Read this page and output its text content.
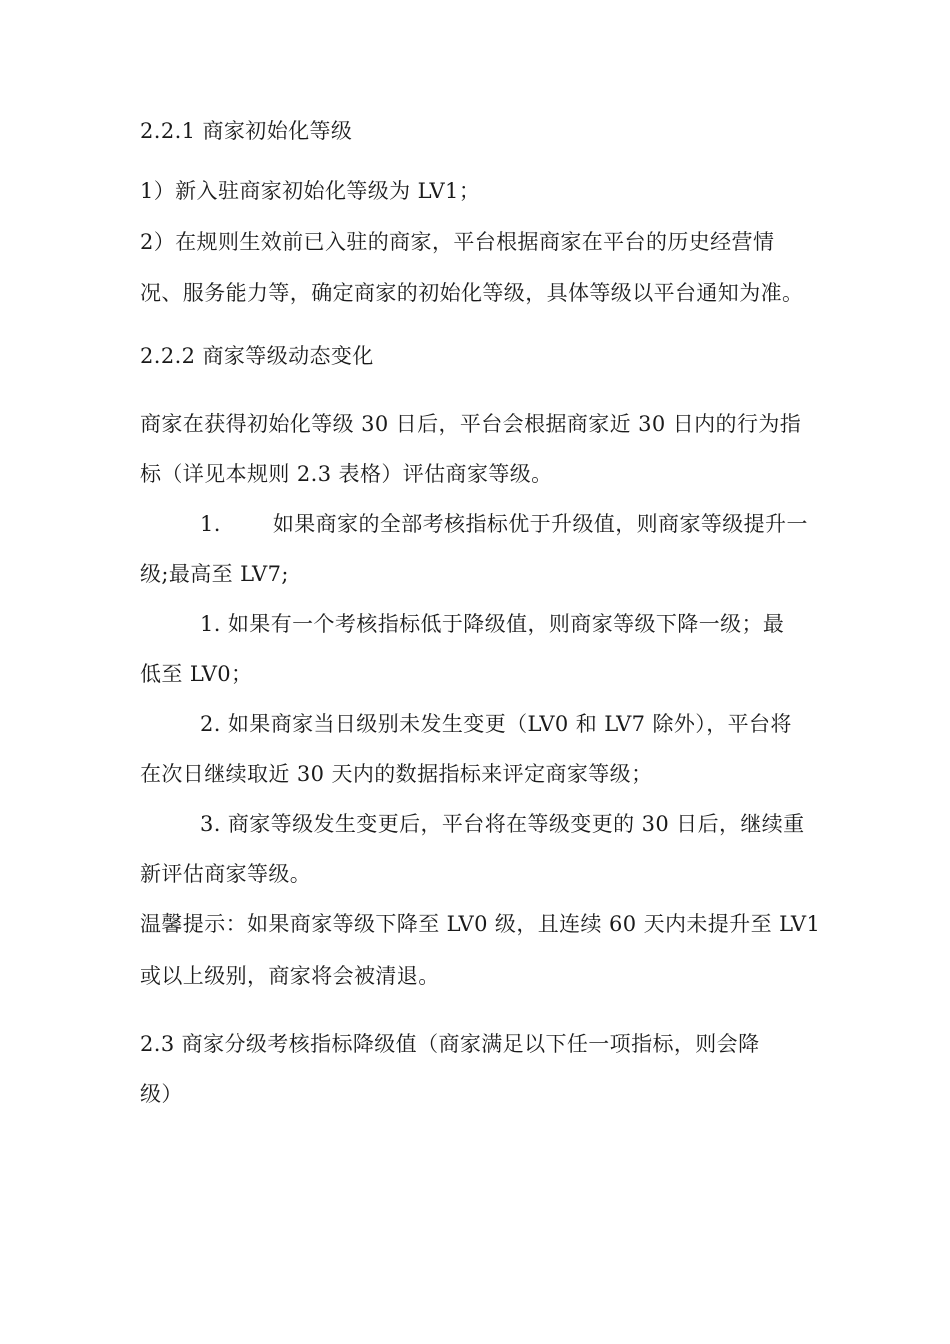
2.2.1 商家初始化等级
1）新入驻商家初始化等级为 LV1；
2）在规则生效前已入驻的商家，平台根据商家在平台的历史经营情
况、服务能力等，确定商家的初始化等级，具体等级以平台通知为准。
2.2.2 商家等级动态变化
商家在获得初始化等级 30 日后，平台会根据商家近 30 日内的行为指
标（详见本规则 2.3 表格）评估商家等级。
1. 如果商家的全部考核指标优于升级值，则商家等级提升一
级;最高至 LV7;
1. 如果有一个考核指标低于降级值，则商家等级下降一级；最
低至 LV0；
2. 如果商家当日级别未发生变更（LV0 和 LV7 除外），平台将
在次日继续取近 30 天内的数据指标来评定商家等级；
3. 商家等级发生变更后，平台将在等级变更的 30 日后，继续重
新评估商家等级。
温馨提示：如果商家等级下降至 LV0 级，且连续 60 天内未提升至 LV1
或以上级别，商家将会被清退。
2.3 商家分级考核指标降级值（商家满足以下任一项指标，则会降
级）
